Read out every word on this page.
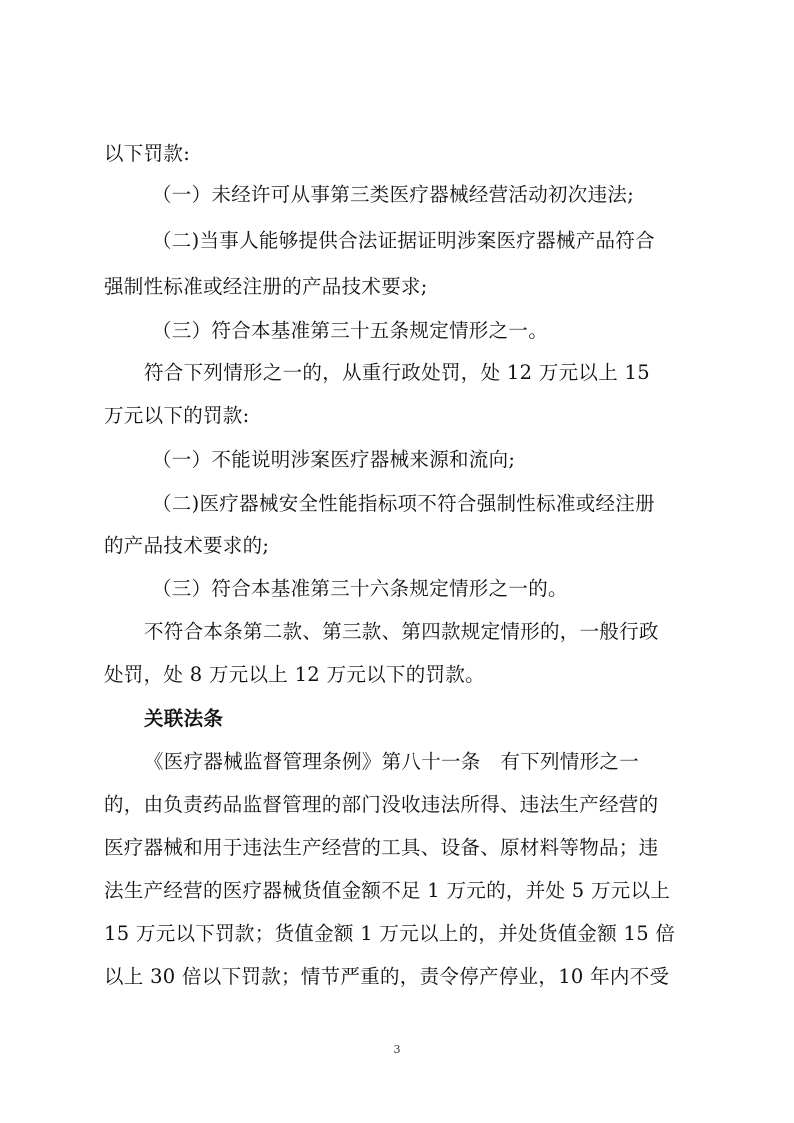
以下罚款:
（一）未经许可从事第三类医疗器械经营活动初次违法;
（二)当事人能够提供合法证据证明涉案医疗器械产品符合
强制性标准或经注册的产品技术要求;
（三）符合本基准第三十五条规定情形之一。
符合下列情形之一的，从重行政处罚，处 12 万元以上 15
万元以下的罚款:
（一）不能说明涉案医疗器械来源和流向;
（二)医疗器械安全性能指标项不符合强制性标准或经注册
的产品技术要求的;
（三）符合本基准第三十六条规定情形之一的。
不符合本条第二款、第三款、第四款规定情形的，一般行政
处罚，处 8 万元以上 12 万元以下的罚款。
关联法条
《医疗器械监督管理条例》第八十一条　有下列情形之一
的，由负责药品监督管理的部门没收违法所得、违法生产经营的
医疗器械和用于违法生产经营的工具、设备、原材料等物品；违
法生产经营的医疗器械货值金额不足 1 万元的，并处 5 万元以上
15 万元以下罚款；货值金额 1 万元以上的，并处货值金额 15 倍
以上 30 倍以下罚款；情节严重的，责令停产停业，10 年内不受
3
